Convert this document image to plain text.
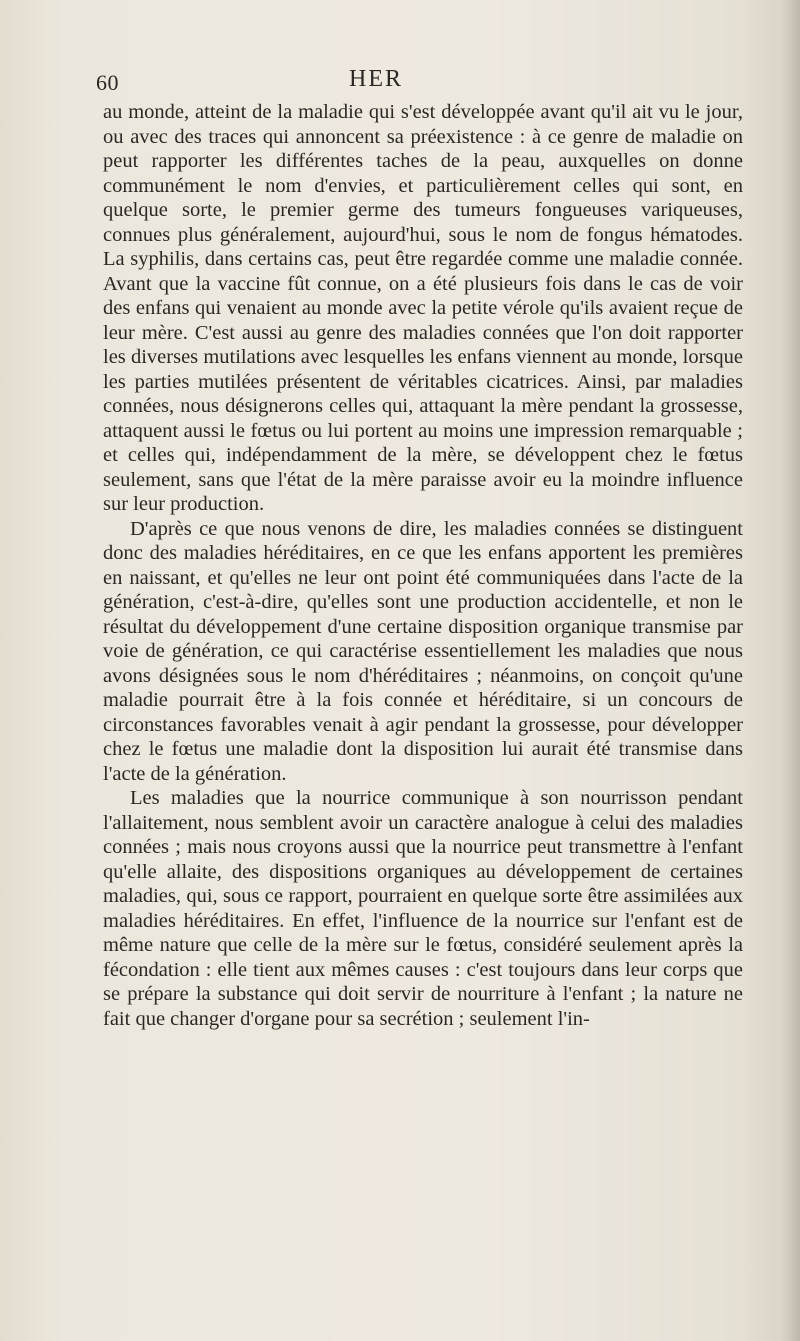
60	HER

au monde, atteint de la maladie qui s'est développée avant qu'il ait vu le jour, ou avec des traces qui annoncent sa préexistence : à ce genre de maladie on peut rapporter les différentes taches de la peau, auxquelles on donne communément le nom d'envies, et particulièrement celles qui sont, en quelque sorte, le premier germe des tumeurs fongueuses variqueuses, connues plus généralement, aujourd'hui, sous le nom de fongus hématodes. La syphilis, dans certains cas, peut être regardée comme une maladie connée. Avant que la vaccine fût connue, on a été plusieurs fois dans le cas de voir des enfans qui venaient au monde avec la petite vérole qu'ils avaient reçue de leur mère. C'est aussi au genre des maladies connées que l'on doit rapporter les diverses mutilations avec lesquelles les enfans viennent au monde, lorsque les parties mutilées présentent de véritables cicatrices. Ainsi, par maladies connées, nous désignerons celles qui, attaquant la mère pendant la grossesse, attaquent aussi le fœtus ou lui portent au moins une impression remarquable ; et celles qui, indépendamment de la mère, se développent chez le fœtus seulement, sans que l'état de la mère paraisse avoir eu la moindre influence sur leur production.

D'après ce que nous venons de dire, les maladies connées se distinguent donc des maladies héréditaires, en ce que les enfans apportent les premières en naissant, et qu'elles ne leur ont point été communiquées dans l'acte de la génération, c'est-à-dire, qu'elles sont une production accidentelle, et non le résultat du développement d'une certaine disposition organique transmise par voie de génération, ce qui caractérise essentiellement les maladies que nous avons désignées sous le nom d'héréditaires ; néanmoins, on conçoit qu'une maladie pourrait être à la fois connée et héréditaire, si un concours de circonstances favorables venait à agir pendant la grossesse, pour développer chez le fœtus une maladie dont la disposition lui aurait été transmise dans l'acte de la génération.

Les maladies que la nourrice communique à son nourrisson pendant l'allaitement, nous semblent avoir un caractère analogue à celui des maladies connées ; mais nous croyons aussi que la nourrice peut transmettre à l'enfant qu'elle allaite, des dispositions organiques au développement de certaines maladies, qui, sous ce rapport, pourraient en quelque sorte être assimilées aux maladies héréditaires. En effet, l'influence de la nourrice sur l'enfant est de même nature que celle de la mère sur le fœtus, considéré seulement après la fécondation : elle tient aux mêmes causes : c'est toujours dans leur corps que se prépare la substance qui doit servir de nourriture à l'enfant ; la nature ne fait que changer d'organe pour sa secrétion ; seulement l'in-
